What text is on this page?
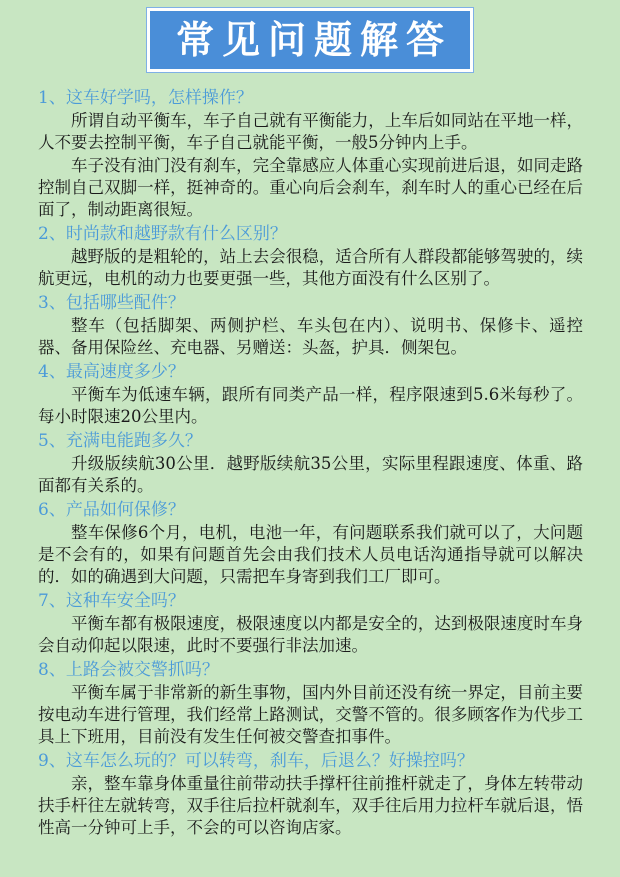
常见问题解答

1、这车好学吗，怎样操作？

所谓自动平衡车，车子自己就有平衡能力，上车后如同站在平地一样，人不要去控制平衡，车子自己就能平衡，一般5分钟内上手。

车子没有油门没有刹车，完全靠感应人体重心实现前进后退，如同走路控制自己双脚一样，挺神奇的。重心向后会刹车，刹车时人的重心已经在后面了，制动距离很短。

2、时尚款和越野款有什么区别？

越野版的是粗轮的，站上去会很稳，适合所有人群段都能够驾驶的，续航更远，电机的动力也要更强一些，其他方面没有什么区别了。

3、包括哪些配件？

整车（包括脚架、两侧护栏、车头包在内）、说明书、保修卡、遥控器、备用保险丝、充电器、另赠送：头盔，护具．侧架包。

4、最高速度多少？

平衡车为低速车辆，跟所有同类产品一样，程序限速到5.6米每秒了。每小时限速20公里内。

5、充满电能跑多久？

升级版续航30公里．越野版续航35公里，实际里程跟速度、体重、路面都有关系的。

6、产品如何保修？

整车保修6个月，电机，电池一年，有问题联系我们就可以了，大问题是不会有的，如果有问题首先会由我们技术人员电话沟通指导就可以解决的．如的确遇到大问题，只需把车身寄到我们工厂即可。

7、这种车安全吗？

平衡车都有极限速度，极限速度以内都是安全的，达到极限速度时车身会自动仰起以限速，此时不要强行非法加速。

8、上路会被交警抓吗？

平衡车属于非常新的新生事物，国内外目前还没有统一界定，目前主要按电动车进行管理，我们经常上路测试，交警不管的。很多顾客作为代步工具上下班用，目前没有发生任何被交警查扣事件。

9、这车怎么玩的？可以转弯，刹车，后退么？好操控吗？

亲，整车靠身体重量往前带动扶手撑杆往前推杆就走了，身体左转带动扶手杆往左就转弯，双手往后拉杆就刹车，双手往后用力拉杆车就后退，悟性高一分钟可上手，不会的可以咨询店家。
